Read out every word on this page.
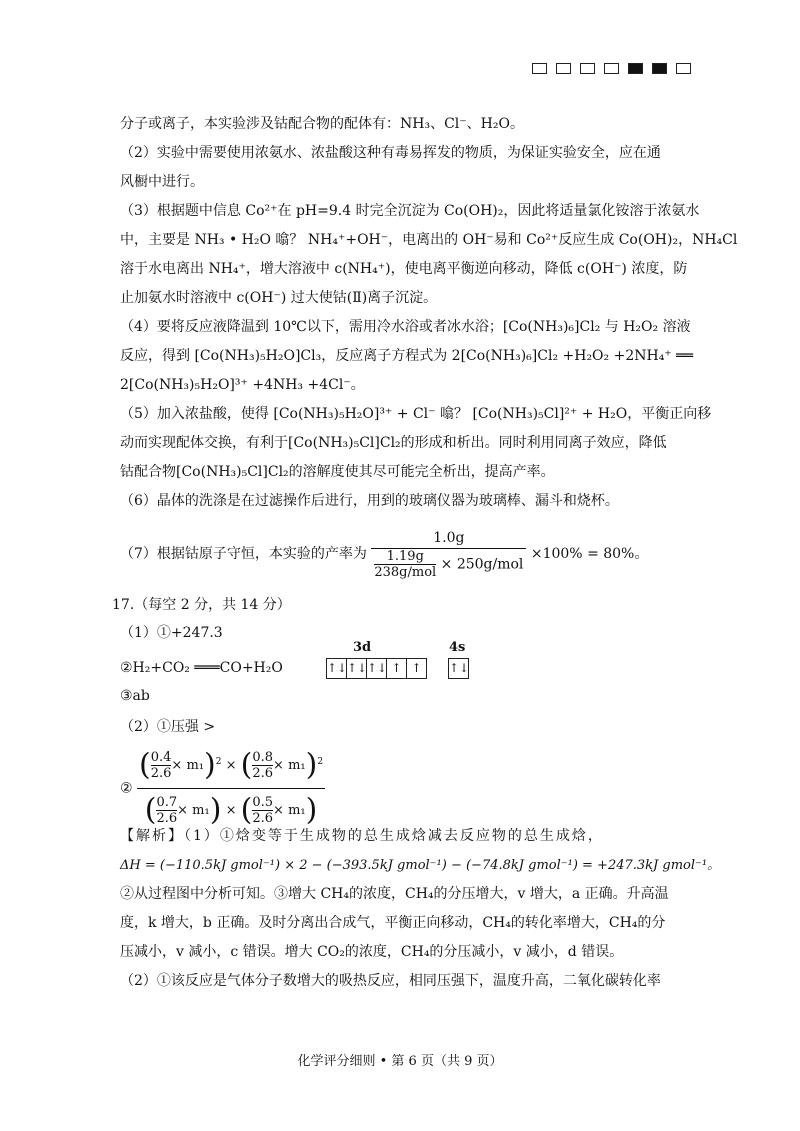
分子或离子，本实验涉及钴配合物的配体有：NH₃、Cl⁻、H₂O。
（2）实验中需要使用浓氨水、浓盐酸这种有毒易挥发的物质，为保证实验安全，应在通
风橱中进行。
（3）根据题中信息 Co²⁺在 pH=9.4 时完全沉淀为 Co(OH)₂，因此将适量氯化铵溶于浓氨水
中，主要是 NH₃ • H₂O 噏？ NH₄⁺+OH⁻，电离出的 OH⁻易和 Co²⁺反应生成 Co(OH)₂，NH₄Cl
溶于水电离出 NH₄⁺，增大溶液中 c(NH₄⁺)，使电离平衡逆向移动，降低 c(OH⁻) 浓度，防
止加氨水时溶液中 c(OH⁻) 过大使钴(Ⅱ)离子沉淀。
（4）要将反应液降温到 10℃以下，需用冷水浴或者冰水浴；[Co(NH₃)₆]Cl₂ 与 H₂O₂ 溶液
反应，得到 [Co(NH₃)₅H₂O]Cl₃，反应离子方程式为 2[Co(NH₃)₆]Cl₂ +H₂O₂ +2NH₄⁺ ══
2[Co(NH₃)₅H₂O]³⁺ +4NH₃ +4Cl⁻。
（5）加入浓盐酸，使得 [Co(NH₃)₅H₂O]³⁺ + Cl⁻ 噏？ [Co(NH₃)₅Cl]²⁺ + H₂O，平衡正向移
动而实现配体交换，有利于[Co(NH₃)₅Cl]Cl₂的形成和析出。同时利用同离子效应，降低
钴配合物[Co(NH₃)₅Cl]Cl₂的溶解度使其尽可能完全析出，提高产率。
（6）晶体的洗涤是在过滤操作后进行，用到的玻璃仪器为玻璃棒、漏斗和烧杯。
（7）根据钴原子守恒，本实验的产率为 1.0g
1.19g
238g/mol × 250g/mol ×100% = 80%。
17.（每空 2 分，共 14 分）
（1）①+247.3
②H₂+CO₂ ═══CO+H₂O
3d	4s
↑↓↑↓↑↓ ↑ ↑	↑↓
③ab
（2）①压强 >
② $\frac{( \frac{0.4}{2.6} \times m_1)^2 \times ( \frac{0.8}{2.6} \times m_1)^2}{( \frac{0.7}{2.6} \times m_1) \times ( \frac{0.5}{2.6} \times m_1)}$
【解析】（1）①焓变等于生成物的总生成焓减去反应物的总生成焓，
ΔH = (−110.5kJ gmol⁻¹) × 2 − (−393.5kJ gmol⁻¹) − (−74.8kJ gmol⁻¹) = +247.3kJ gmol⁻¹。
②从过程图中分析可知。③增大 CH₄的浓度，CH₄的分压增大，v 增大，a 正确。升高温
度，k 增大，b 正确。及时分离出合成气，平衡正向移动，CH₄的转化率增大，CH₄的分
压减小，v 减小，c 错误。增大 CO₂的浓度，CH₄的分压减小，v 减小，d 错误。
（2）①该反应是气体分子数增大的吸热反应，相同压强下，温度升高，二氧化碳转化率
化学评分细则 • 第 6 页（共 9 页）
